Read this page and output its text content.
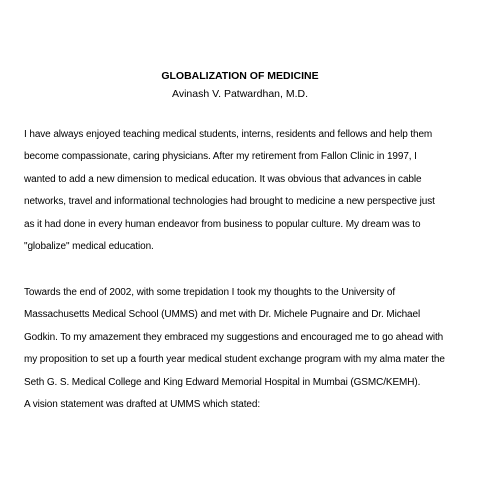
GLOBALIZATION OF MEDICINE

Avinash V. Patwardhan, M.D.

I have always enjoyed teaching medical students, interns, residents and fellows and help them
become compassionate, caring physicians. After my retirement from Fallon Clinic in 1997, I
wanted to add a new dimension to medical education. It was obvious that advances in cable
networks, travel and informational technologies had brought to medicine a new perspective just
as it had done in every human endeavor from business to popular culture. My dream was to
"globalize" medical education.

Towards the end of 2002, with some trepidation I took my thoughts to the University of
Massachusetts Medical School (UMMS) and met with Dr. Michele Pugnaire and Dr. Michael
Godkin. To my amazement they embraced my suggestions and encouraged me to go ahead with
my proposition to set up a fourth year medical student exchange program with my alma mater the
Seth G. S. Medical College and King Edward Memorial Hospital in Mumbai (GSMC/KEMH).
A vision statement was drafted at UMMS which stated:
